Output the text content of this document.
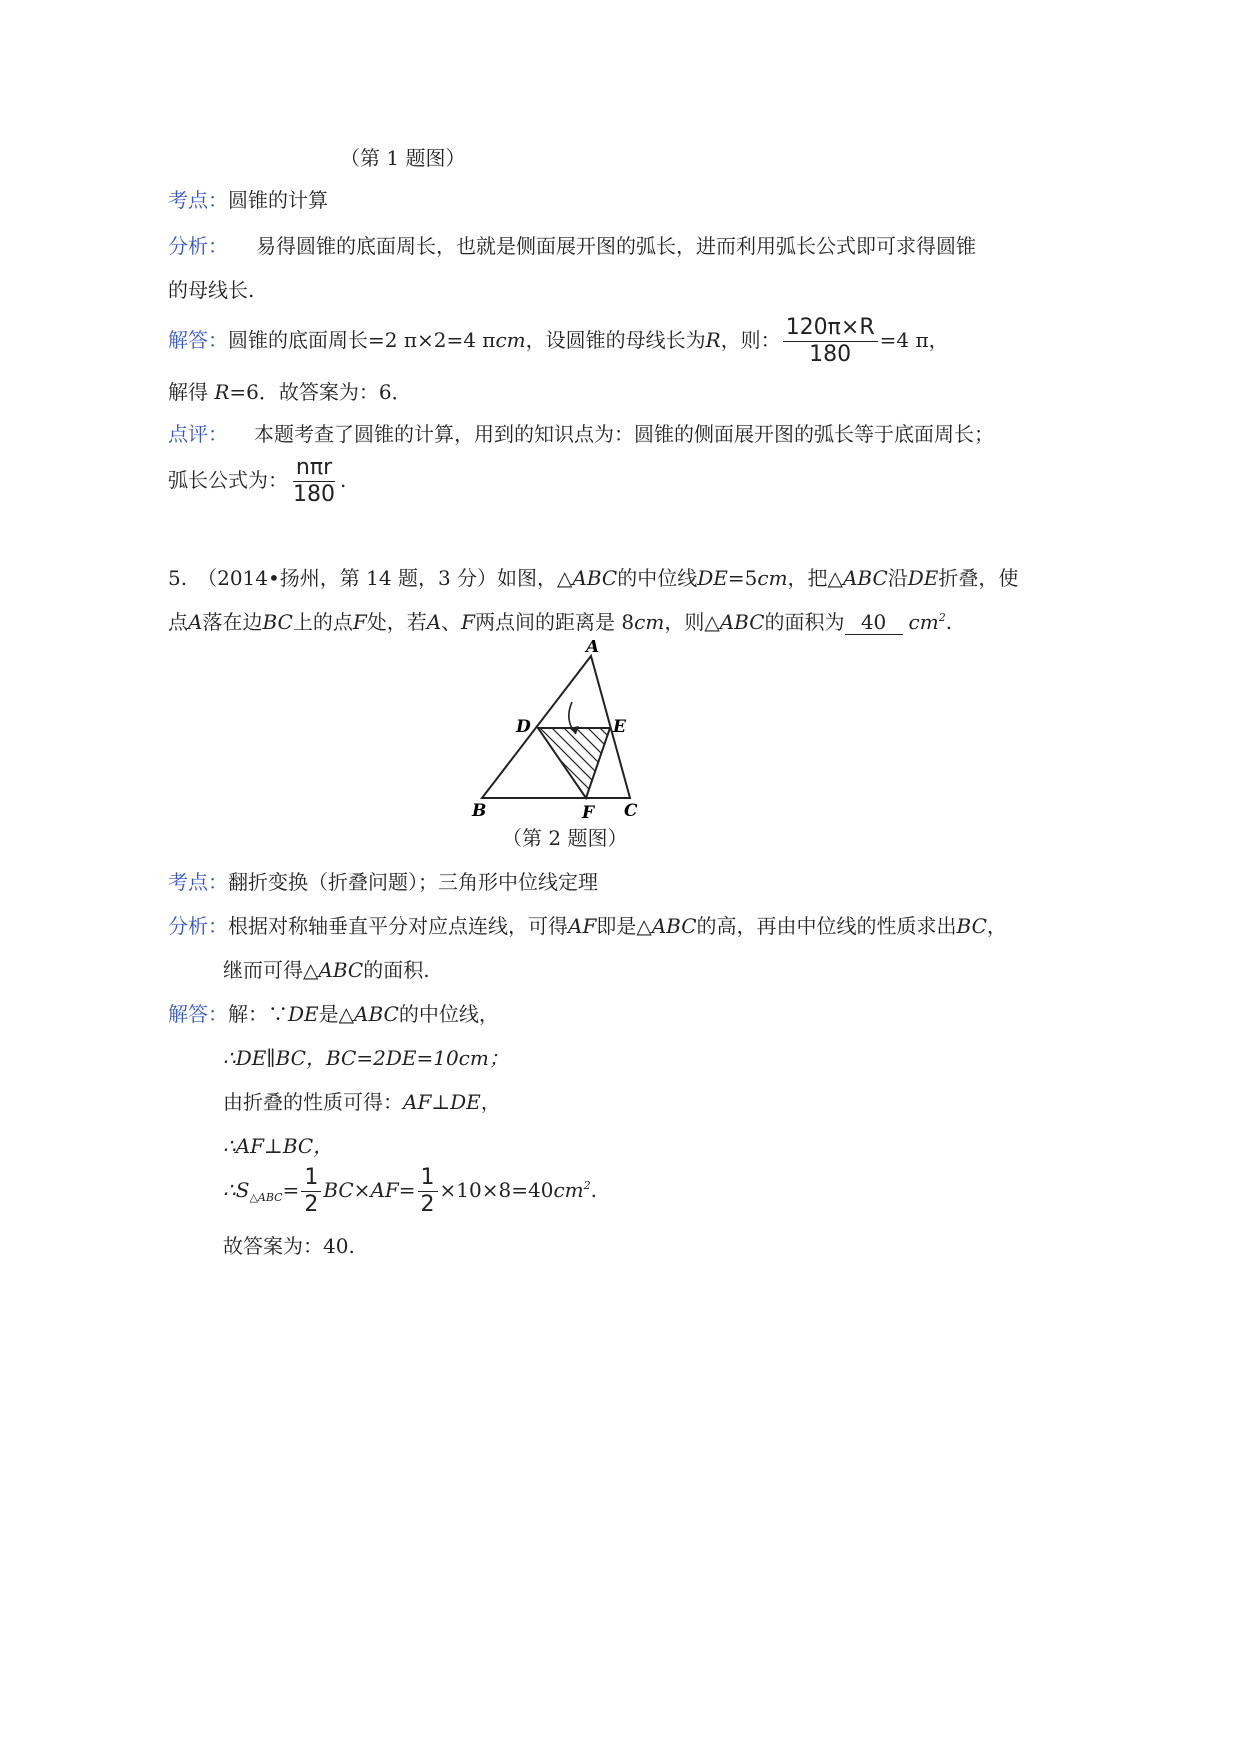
（第 1 题图）
考点：圆锥的计算
分析： 易得圆锥的底面周长，也就是侧面展开图的弧长，进而利用弧长公式即可求得圆锥
的母线长.
解答：圆锥的底面周长=2 π×2=4 πcm，设圆锥的母线长为R，则： $\frac{120\pi\times R}{180} =4$ π，
解得 R=6．故答案为：6．
点评： 本题考查了圆锥的计算，用到的知识点为：圆锥的侧面展开图的弧长等于底面周长；
弧长公式为： $\frac{\text{nπr}}{180}$ .
5. （2014•扬州，第 14 题，3 分）如图，△ABC的中位线DE=5cm，把△ABC沿DE折叠，使
点A落在边BC上的点F处，若A、F两点间的距离是 8cm，则△ABC的面积为 40 $cm^2$.
A
B	C
D	E
F
（第 2 题图）
考点：翻折变换（折叠问题）；三角形中位线定理
分析：根据对称轴垂直平分对应点连线，可得AF即是△ABC的高，再由中位线的性质求出BC，
继而可得△ABC的面积.
解答：解：∵DE是△ABC的中位线，
∴DE∥BC，BC=2DE=10cm；
由折叠的性质可得：AF⊥DE，
∴AF⊥BC，
$\therefore S_{\triangle ABC}= \frac{1}{2} BC\times AF= \frac{1}{2} \times 10\times 8=40cm^2$.
故答案为：40.
